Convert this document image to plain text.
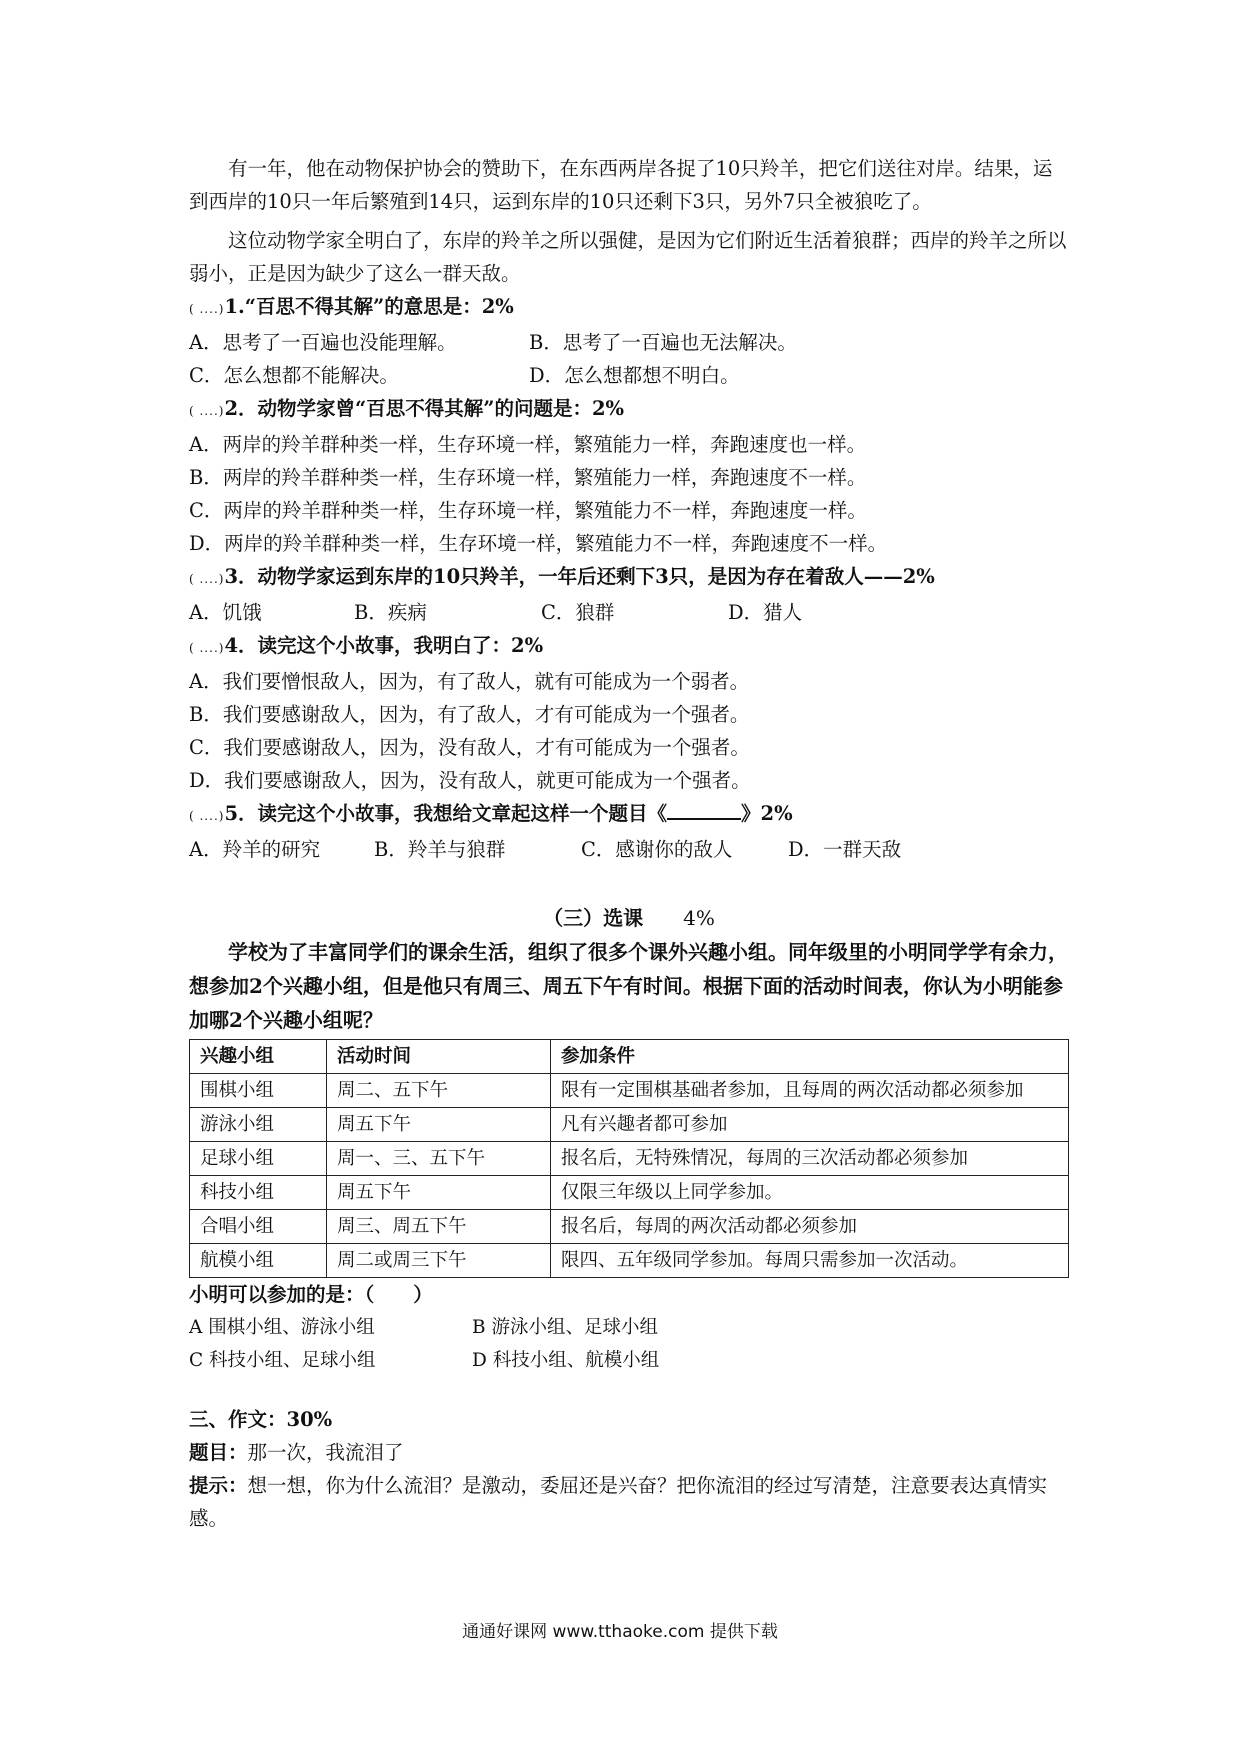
有一年，他在动物保护协会的赞助下，在东西两岸各捉了10只羚羊，把它们送往对岸。结果，运到西岸的10只一年后繁殖到14只，运到东岸的10只还剩下3只，另外7只全被狼吃了。

这位动物学家全明白了，东岸的羚羊之所以强健，是因为它们附近生活着狼群；西岸的羚羊之所以弱小，正是因为缺少了这么一群天敌。

( ....)1.“百思不得其解”的意思是：2%

A．思考了一百遍也没能理解。	B．思考了一百遍也无法解决。
C．怎么想都不能解决。	D．怎么想都想不明白。

( ....)2．动物学家曾“百思不得其解”的问题是：2%

A．两岸的羚羊群种类一样，生存环境一样，繁殖能力一样，奔跑速度也一样。

B．两岸的羚羊群种类一样，生存环境一样，繁殖能力一样，奔跑速度不一样。

C．两岸的羚羊群种类一样，生存环境一样，繁殖能力不一样，奔跑速度一样。

D．两岸的羚羊群种类一样，生存环境一样，繁殖能力不一样，奔跑速度不一样。

( ....)3．动物学家运到东岸的10只羚羊，一年后还剩下3只，是因为存在着敌人——2%

A．饥饿	B．疾病	C．狼群	D．猎人

( ....)4．读完这个小故事，我明白了：2%

A．我们要憎恨敌人，因为，有了敌人，就有可能成为一个弱者。

B．我们要感谢敌人，因为，有了敌人，才有可能成为一个强者。

C．我们要感谢敌人，因为，没有敌人，才有可能成为一个强者。

D．我们要感谢敌人，因为，没有敌人，就更可能成为一个强者。

( ....)5．读完这个小故事，我想给文章起这样一个题目《	》2%

A．羚羊的研究	B．羚羊与狼群	C．感谢你的敌人	D．一群天敌

（三）选课 4%

学校为了丰富同学们的课余生活，组织了很多个课外兴趣小组。同年级里的小明同学学有余力，想参加2个兴趣小组，但是他只有周三、周五下午有时间。根据下面的活动时间表，你认为小明能参加哪2个兴趣小组呢？

兴趣小组	活动时间	参加条件
围棋小组	周二、五下午	限有一定围棋基础者参加，且每周的两次活动都必须参加
游泳小组	周五下午	凡有兴趣者都可参加
足球小组	周一、三、五下午	报名后，无特殊情况，每周的三次活动都必须参加
科技小组	周五下午	仅限三年级以上同学参加。
合唱小组	周三、周五下午	报名后，每周的两次活动都必须参加
航模小组	周二或周三下午	限四、五年级同学参加。每周只需参加一次活动。

小明可以参加的是：（　　）

A 围棋小组、游泳小组	B 游泳小组、足球小组
C 科技小组、足球小组	D 科技小组、航模小组

三、作文：30%

题目：那一次，我流泪了

提示：想一想，你为什么流泪？是激动，委屈还是兴奋？把你流泪的经过写清楚，注意要表达真情实感。

通通好课网 www.tthaoke.com 提供下载
